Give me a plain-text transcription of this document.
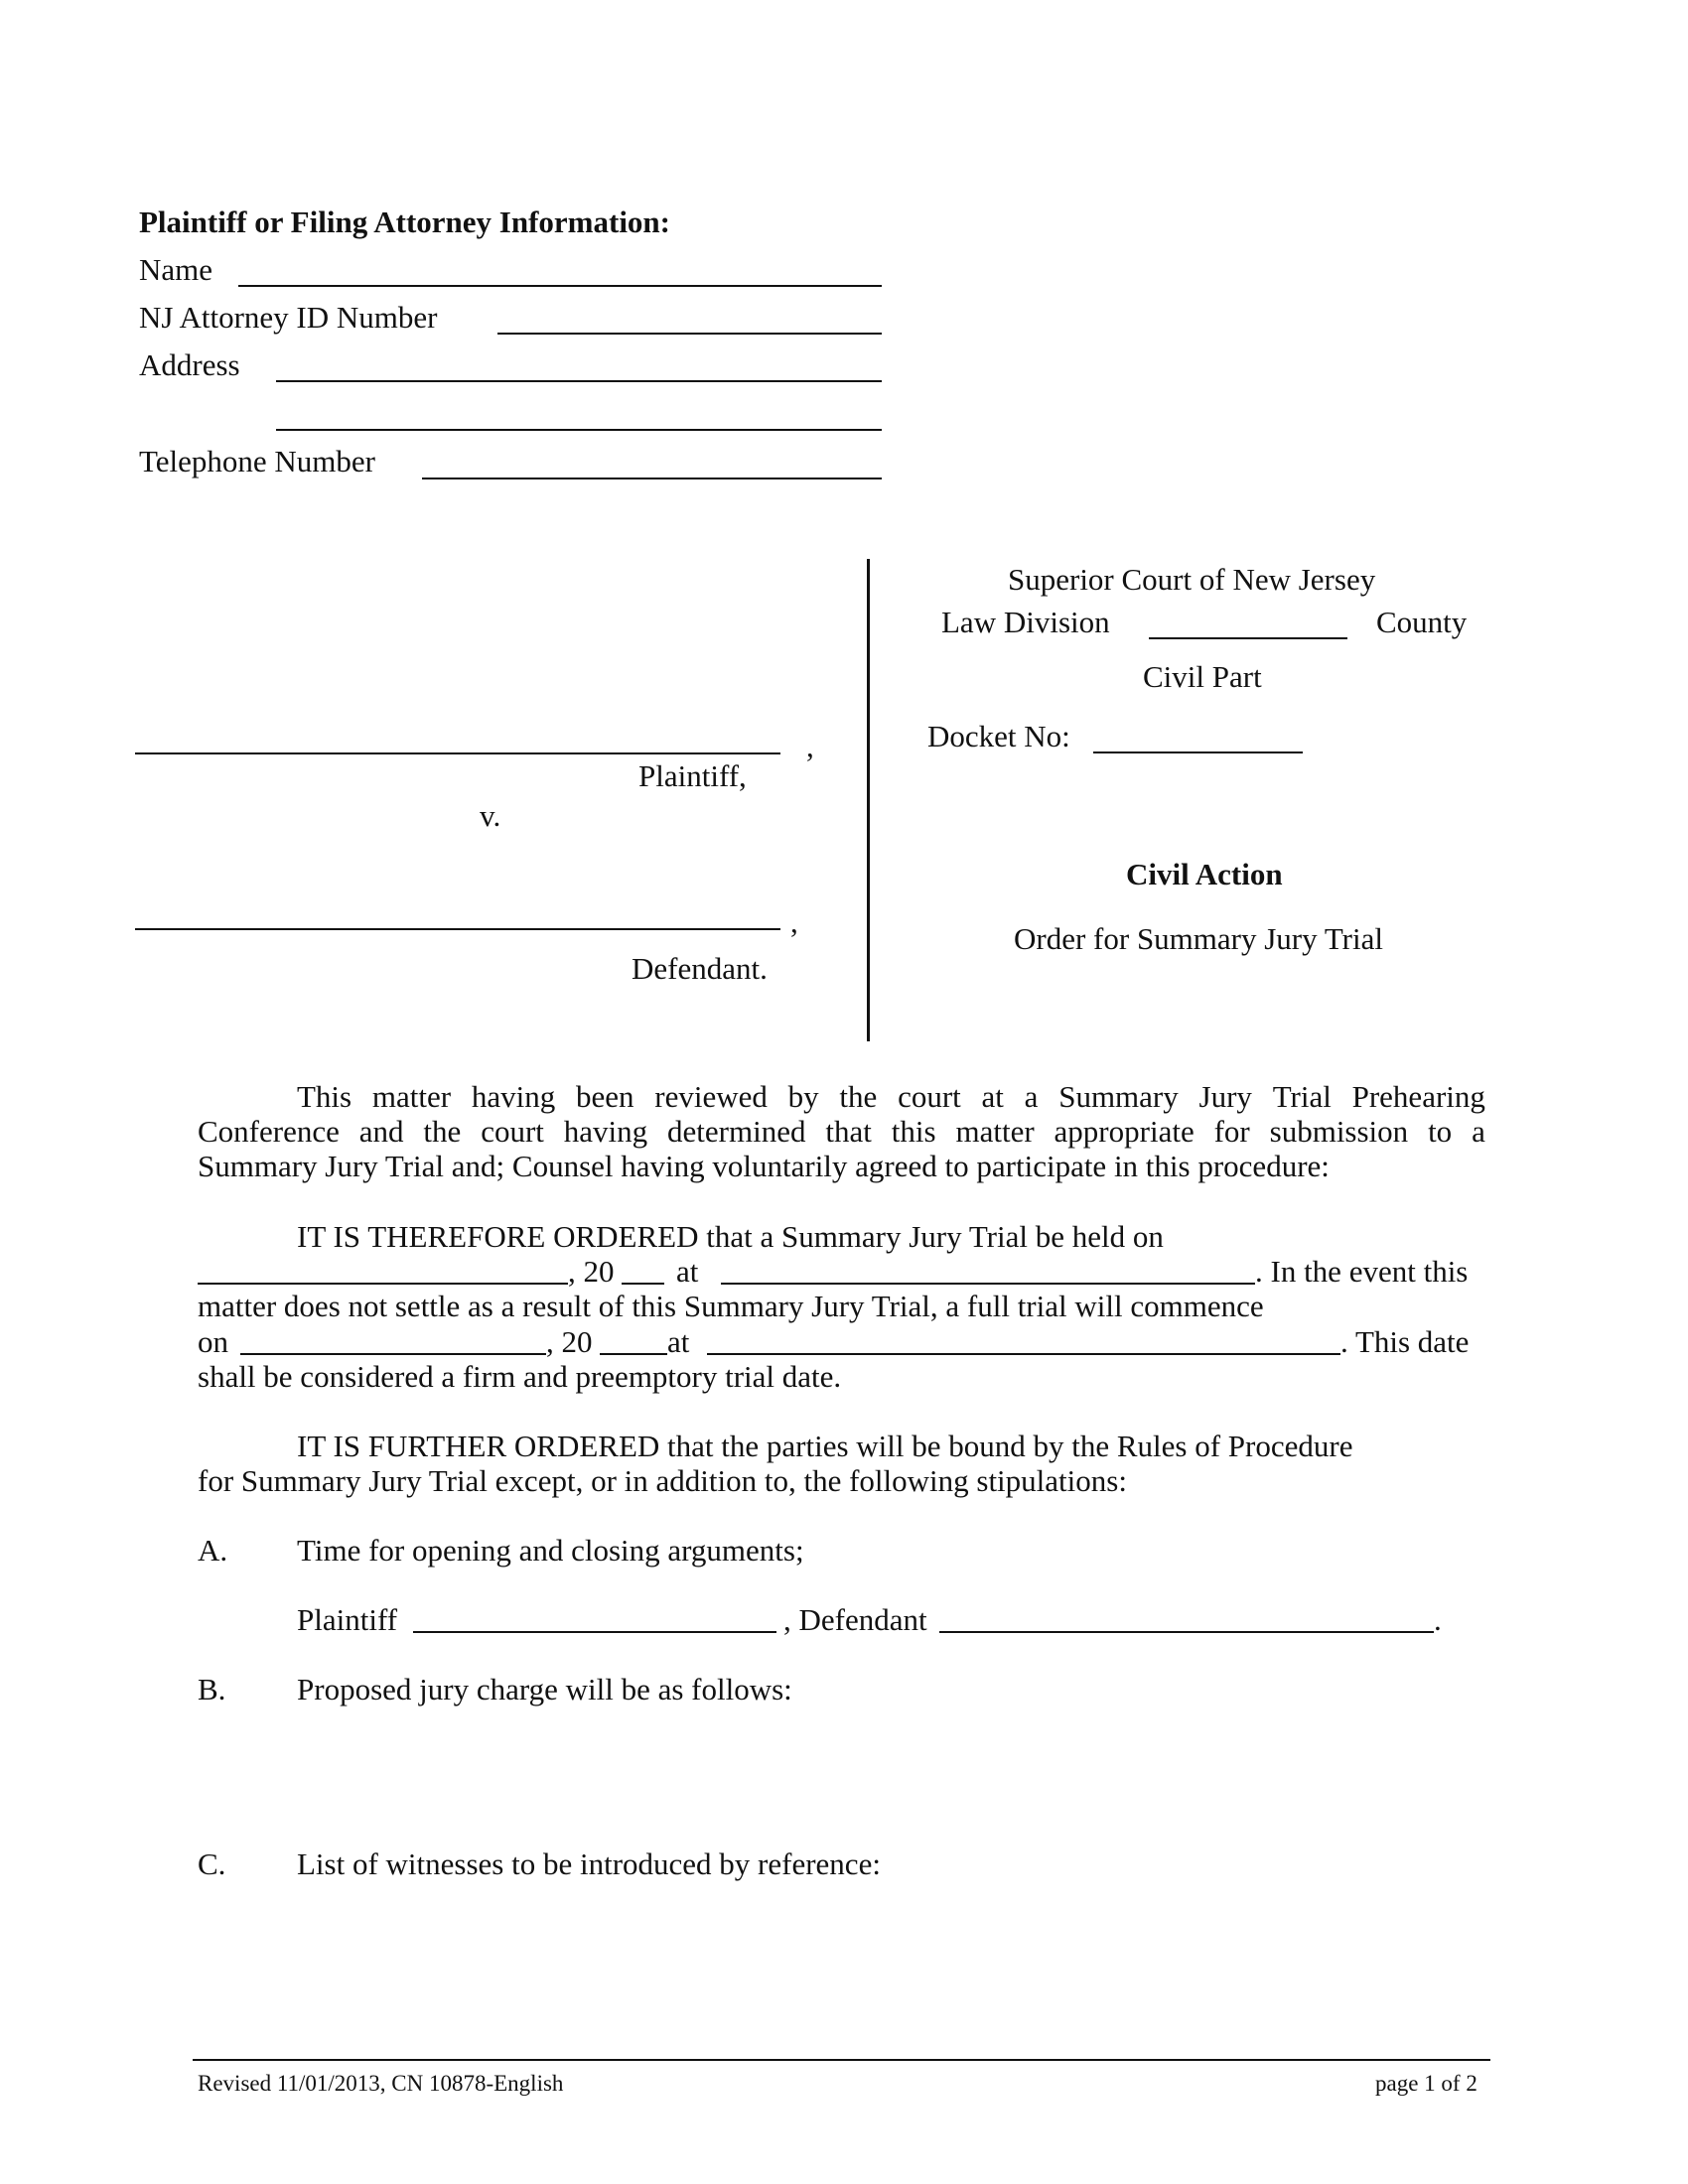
Plaintiff or Filing Attorney Information:
Name
NJ Attorney ID Number
Address
Telephone Number
,
Plaintiff,
v.
,
Defendant.
Superior Court of New Jersey
Law Division	County
Civil Part
Docket No:
Civil Action
Order for Summary Jury Trial
This matter having been reviewed by the court at a Summary Jury Trial Prehearing
Conference and the court having determined that this matter appropriate for submission to a
Summary Jury Trial and; Counsel having voluntarily agreed to participate in this procedure:
IT IS THEREFORE ORDERED that a Summary Jury Trial be held on
, 20 at	. In the event this
matter does not settle as a result of this Summary Jury Trial, a full trial will commence
on	, 20 at	. This date
shall be considered a firm and preemptory trial date.
IT IS FURTHER ORDERED that the parties will be bound by the Rules of Procedure
for Summary Jury Trial except, or in addition to, the following stipulations:
A. Time for opening and closing arguments;
Plaintiff	, Defendant	.
B. Proposed jury charge will be as follows:
C. List of witnesses to be introduced by reference:
Revised 11/01/2013, CN 10878-English	page 1 of 2
